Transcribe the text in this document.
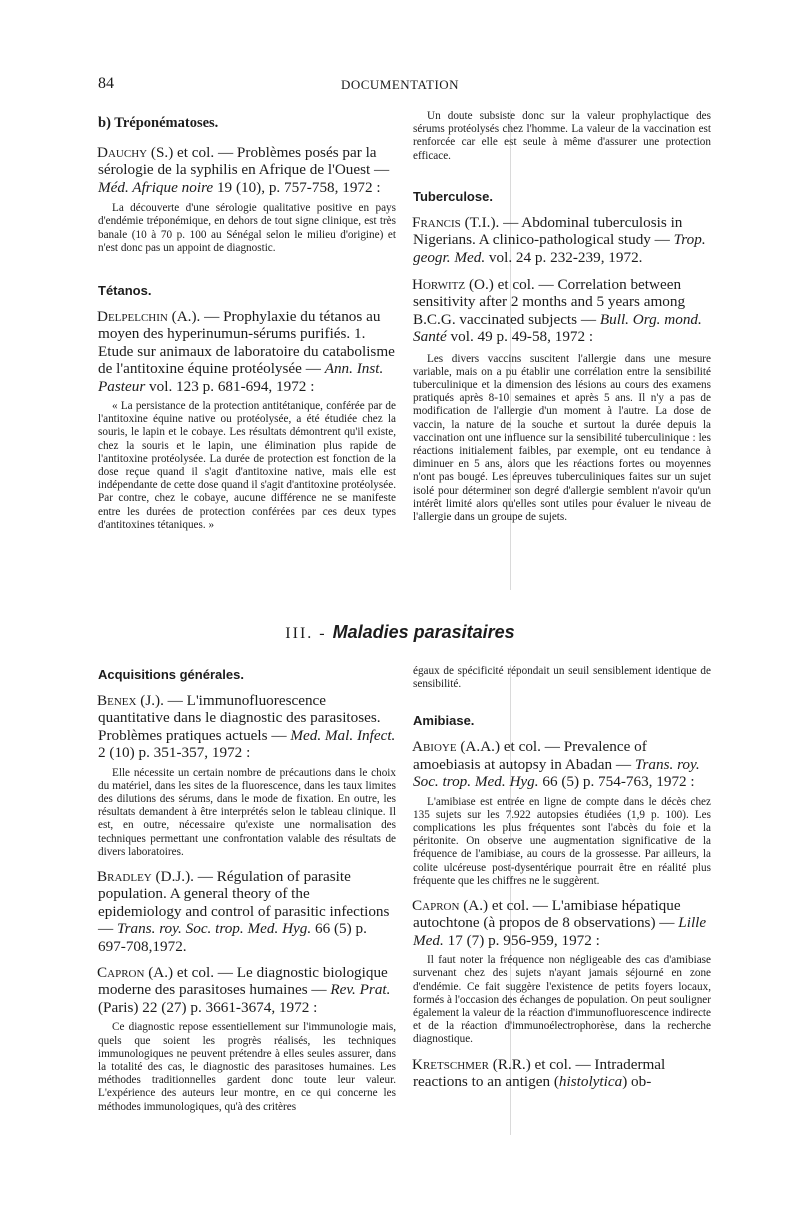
84	DOCUMENTATION

b) Tréponématoses.

Dauchy (S.) et col. — Problèmes posés par la sérologie de la syphilis en Afrique de l'Ouest — Méd. Afrique noire 19 (10), p. 757-758, 1972 :

La découverte d'une sérologie qualitative positive en pays d'endémie tréponémique, en dehors de tout signe clinique, est très banale (10 à 70 p. 100 au Sénégal selon le milieu d'origine) et n'est donc pas un appoint de diagnostic.

Tétanos.

Delpelchin (A.). — Prophylaxie du tétanos au moyen des hyperinumun-sérums purifiés. 1. Etude sur animaux de laboratoire du catabolisme de l'antitoxine équine protéolysée — Ann. Inst. Pasteur vol. 123 p. 681-694, 1972 :

« La persistance de la protection antitétanique, conférée par de l'antitoxine équine native ou protéolysée, a été étudiée chez la souris, le lapin et le cobaye. Les résultats démontrent qu'il existe, chez la souris et le lapin, une élimination plus rapide de l'antitoxine protéolysée. La durée de protection est fonction de la dose reçue quand il s'agit d'antitoxine native, mais elle est indépendante de cette dose quand il s'agit d'antitoxine protéolysée. Par contre, chez le cobaye, aucune différence ne se manifeste entre les durées de protection conférées par ces deux types d'antitoxines tétaniques. »

Un doute subsiste donc sur la valeur prophylactique des sérums protéolysés chez l'homme. La valeur de la vaccination est renforcée car elle est seule à même d'assurer une protection efficace.

Tuberculose.

Francis (T.I.). — Abdominal tuberculosis in Nigerians. A clinico-pathological study — Trop. geogr. Med. vol. 24 p. 232-239, 1972.

Horwitz (O.) et col. — Correlation between sensitivity after 2 months and 5 years among B.C.G. vaccinated subjects — Bull. Org. mond. Santé vol. 49 p. 49-58, 1972 :

Les divers vaccins suscitent l'allergie dans une mesure variable, mais on a pu établir une corrélation entre la sensibilité tuberculinique et la dimension des lésions au cours des examens pratiqués après 8-10 semaines et après 5 ans. Il n'y a pas de modification de l'allergie d'un moment à l'autre. La dose de vaccin, la nature de la souche et surtout la durée depuis la vaccination ont une influence sur la sensibilité tuberculinique : les réactions initialement faibles, par exemple, ont eu tendance à diminuer en 5 ans, alors que les réactions fortes ou moyennes n'ont pas bougé. Les épreuves tuberculiniques faites sur un sujet isolé pour déterminer son degré d'allergie semblent n'avoir qu'un intérêt limité alors qu'elles sont utiles pour évaluer le niveau de l'allergie dans un groupe de sujets.

III. - Maladies parasitaires

Acquisitions générales.

Benex (J.). — L'immunofluorescence quantitative dans le diagnostic des parasitoses. Problèmes pratiques actuels — Med. Mal. Infect. 2 (10) p. 351-357, 1972 :

Elle nécessite un certain nombre de précautions dans le choix du matériel, dans les sites de la fluorescence, dans les taux limites des dilutions des sérums, dans le mode de fixation. En outre, les résultats demandent à être interprétés selon le tableau clinique. Il est, en outre, nécessaire qu'existe une normalisation des techniques permettant une confrontation valable des résultats de divers laboratoires.

Bradley (D.J.). — Régulation of parasite population. A general theory of the epidemiology and control of parasitic infections — Trans. roy. Soc. trop. Med. Hyg. 66 (5) p. 697-708,1972.

Capron (A.) et col. — Le diagnostic biologique moderne des parasitoses humaines — Rev. Prat. (Paris) 22 (27) p. 3661-3674, 1972 :

Ce diagnostic repose essentiellement sur l'immunologie mais, quels que soient les progrès réalisés, les techniques immunologiques ne peuvent prétendre à elles seules assurer, dans la totalité des cas, le diagnostic des parasitoses humaines. Les méthodes traditionnelles gardent donc toute leur valeur. L'expérience des auteurs leur montre, en ce qui concerne les méthodes immunologiques, qu'à des critères

égaux de spécificité répondait un seuil sensiblement identique de sensibilité.

Amibiase.

Abioye (A.A.) et col. — Prevalence of amoebiasis at autopsy in Abadan — Trans. roy. Soc. trop. Med. Hyg. 66 (5) p. 754-763, 1972 :

L'amibiase est entrée en ligne de compte dans le décès chez 135 sujets sur les 7.922 autopsies étudiées (1,9 p. 100). Les complications les plus fréquentes sont l'abcès du foie et la péritonite. On observe une augmentation significative de la fréquence de l'amibiase, au cours de la grossesse. Par ailleurs, la colite ulcéreuse post-dysentérique pourrait être en réalité plus fréquente que les chiffres ne le suggèrent.

Capron (A.) et col. — L'amibiase hépatique autochtone (à propos de 8 observations) — Lille Med. 17 (7) p. 956-959, 1972 :

Il faut noter la fréquence non négligeable des cas d'amibiase survenant chez des sujets n'ayant jamais séjourné en zone d'endémie. Ce fait suggère l'existence de petits foyers locaux, formés à l'occasion des échanges de population. On peut souligner également la valeur de la réaction d'immunofluorescence indirecte et de la réaction d'immunoélectrophorèse, dans la recherche diagnostique.

Kretschmer (R.R.) et col. — Intradermal reactions to an antigen (histolytica) ob-
